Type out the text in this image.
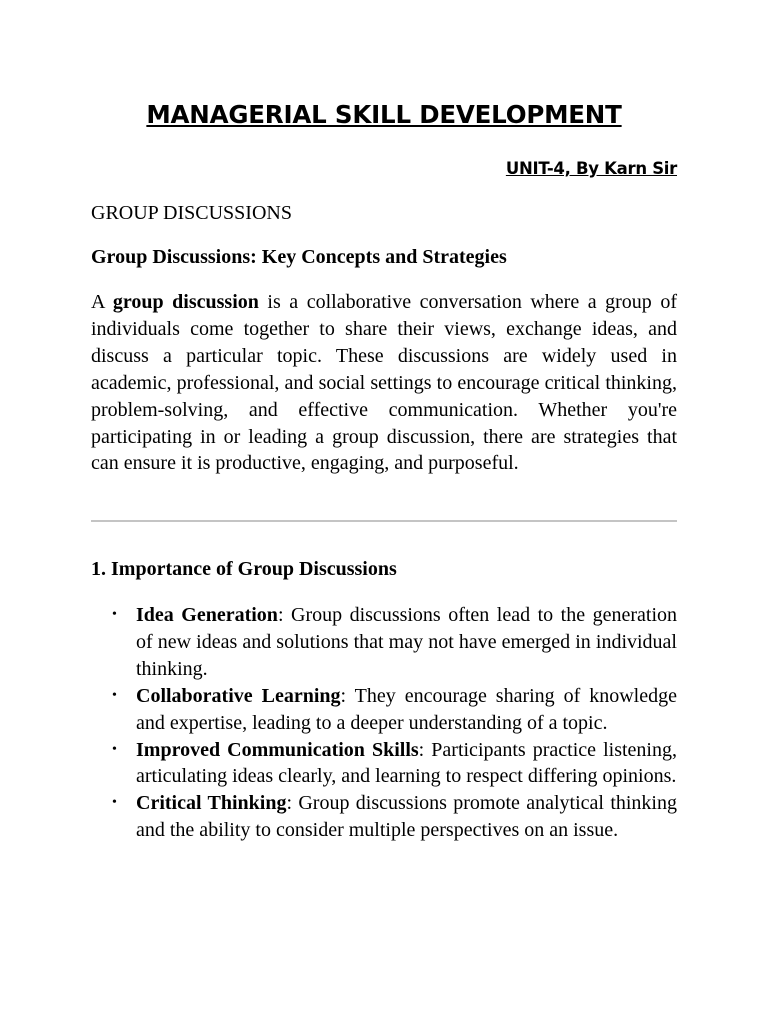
MANAGERIAL SKILL DEVELOPMENT
UNIT-4, By Karn Sir
GROUP DISCUSSIONS
Group Discussions: Key Concepts and Strategies

A group discussion is a collaborative conversation where a group of individuals come together to share their views, exchange ideas, and discuss a particular topic. These discussions are widely used in academic, professional, and social settings to encourage critical thinking, problem-solving, and effective communication. Whether you're participating in or leading a group discussion, there are strategies that can ensure it is productive, engaging, and purposeful.

1. Importance of Group Discussions
• Idea Generation: Group discussions often lead to the generation of new ideas and solutions that may not have emerged in individual thinking.
• Collaborative Learning: They encourage sharing of knowledge and expertise, leading to a deeper understanding of a topic.
• Improved Communication Skills: Participants practice listening, articulating ideas clearly, and learning to respect differing opinions.
• Critical Thinking: Group discussions promote analytical thinking and the ability to consider multiple perspectives on an issue.
